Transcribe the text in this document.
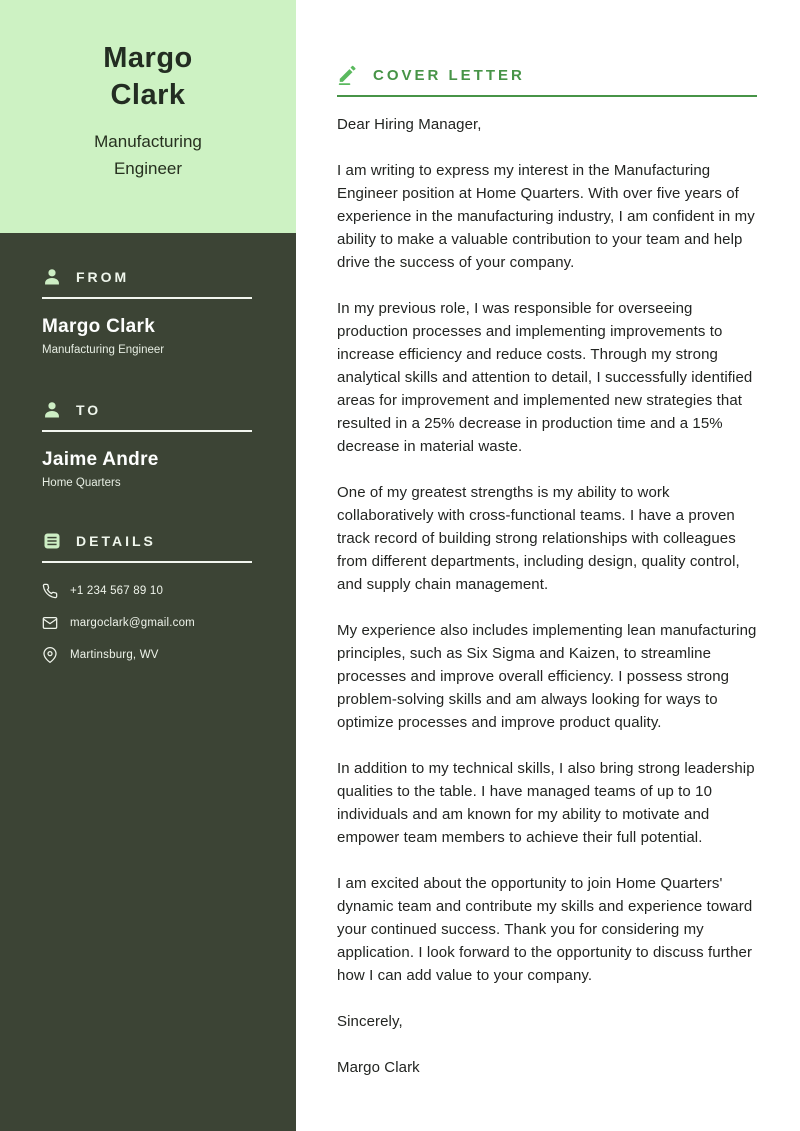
Margo Clark
Manufacturing Engineer
FROM
Margo Clark
Manufacturing Engineer
TO
Jaime Andre
Home Quarters
DETAILS
+1 234 567 89 10
margoclark@gmail.com
Martinsburg, WV
COVER LETTER

Dear Hiring Manager,

I am writing to express my interest in the Manufacturing Engineer position at Home Quarters. With over five years of experience in the manufacturing industry, I am confident in my ability to make a valuable contribution to your team and help drive the success of your company.

In my previous role, I was responsible for overseeing production processes and implementing improvements to increase efficiency and reduce costs. Through my strong analytical skills and attention to detail, I successfully identified areas for improvement and implemented new strategies that resulted in a 25% decrease in production time and a 15% decrease in material waste.

One of my greatest strengths is my ability to work collaboratively with cross-functional teams. I have a proven track record of building strong relationships with colleagues from different departments, including design, quality control, and supply chain management.

My experience also includes implementing lean manufacturing principles, such as Six Sigma and Kaizen, to streamline processes and improve overall efficiency. I possess strong problem-solving skills and am always looking for ways to optimize processes and improve product quality.

In addition to my technical skills, I also bring strong leadership qualities to the table. I have managed teams of up to 10 individuals and am known for my ability to motivate and empower team members to achieve their full potential.

I am excited about the opportunity to join Home Quarters' dynamic team and contribute my skills and experience toward your continued success. Thank you for considering my application. I look forward to the opportunity to discuss further how I can add value to your company.

Sincerely,

Margo Clark
